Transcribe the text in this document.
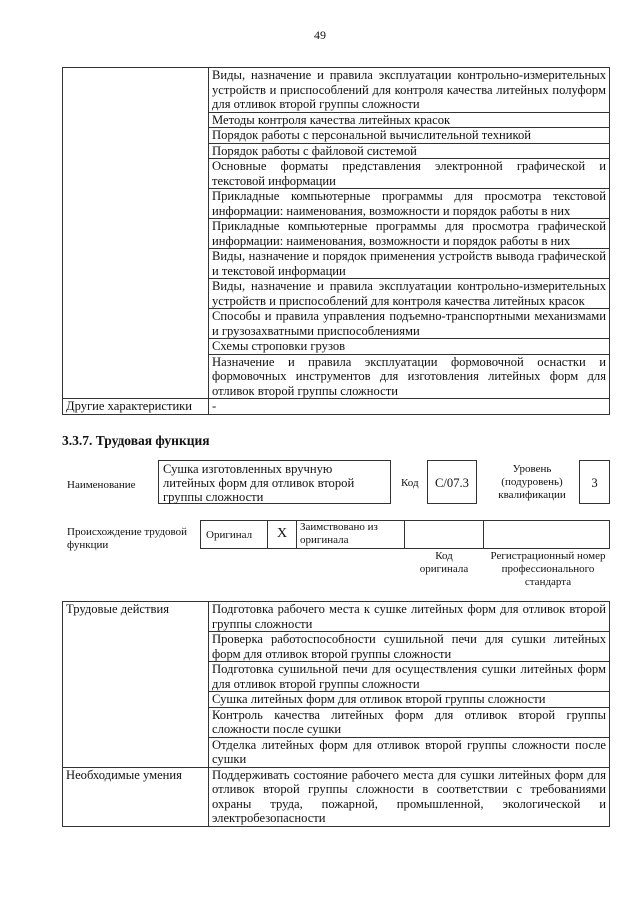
49
	Виды, назначение и правила эксплуатации контрольно-измерительных устройств и приспособлений для контроля качества литейных полуформ для отливок второй группы сложности
	Методы контроля качества литейных красок
	Порядок работы с персональной вычислительной техникой
	Порядок работы с файловой системой
	Основные форматы представления электронной графической и текстовой информации
	Прикладные компьютерные программы для просмотра текстовой информации: наименования, возможности и порядок работы в них
	Прикладные компьютерные программы для просмотра графической информации: наименования, возможности и порядок работы в них
	Виды, назначение и порядок применения устройств вывода графической и текстовой информации
	Виды, назначение и правила эксплуатации контрольно-измерительных устройств и приспособлений для контроля качества литейных красок
	Способы и правила управления подъемно-транспортными механизмами и грузозахватными приспособлениями
	Схемы строповки грузов
	Назначение и правила эксплуатации формовочной оснастки и формовочных инструментов для изготовления литейных форм для отливок второй группы сложности
Другие характеристики	-
3.3.7. Трудовая функция
Наименование
Сушка изготовленных вручную литейных форм для отливок второй группы сложности
Код	C/07.3
Уровень (подуровень) квалификации
3
Происхождение трудовой функции
Оригинал	X	Заимствовано из оригинала
Код оригинала
Регистрационный номер профессионального стандарта
Трудовые действия	Подготовка рабочего места к сушке литейных форм для отливок второй группы сложности
	Проверка работоспособности сушильной печи для сушки литейных форм для отливок второй группы сложности
	Подготовка сушильной печи для осуществления сушки литейных форм для отливок второй группы сложности
	Сушка литейных форм для отливок второй группы сложности
	Контроль качества литейных форм для отливок второй группы сложности после сушки
	Отделка литейных форм для отливок второй группы сложности после сушки
Необходимые умения	Поддерживать состояние рабочего места для сушки литейных форм для отливок второй группы сложности в соответствии с требованиями охраны труда, пожарной, промышленной, экологической и электробезопасности
